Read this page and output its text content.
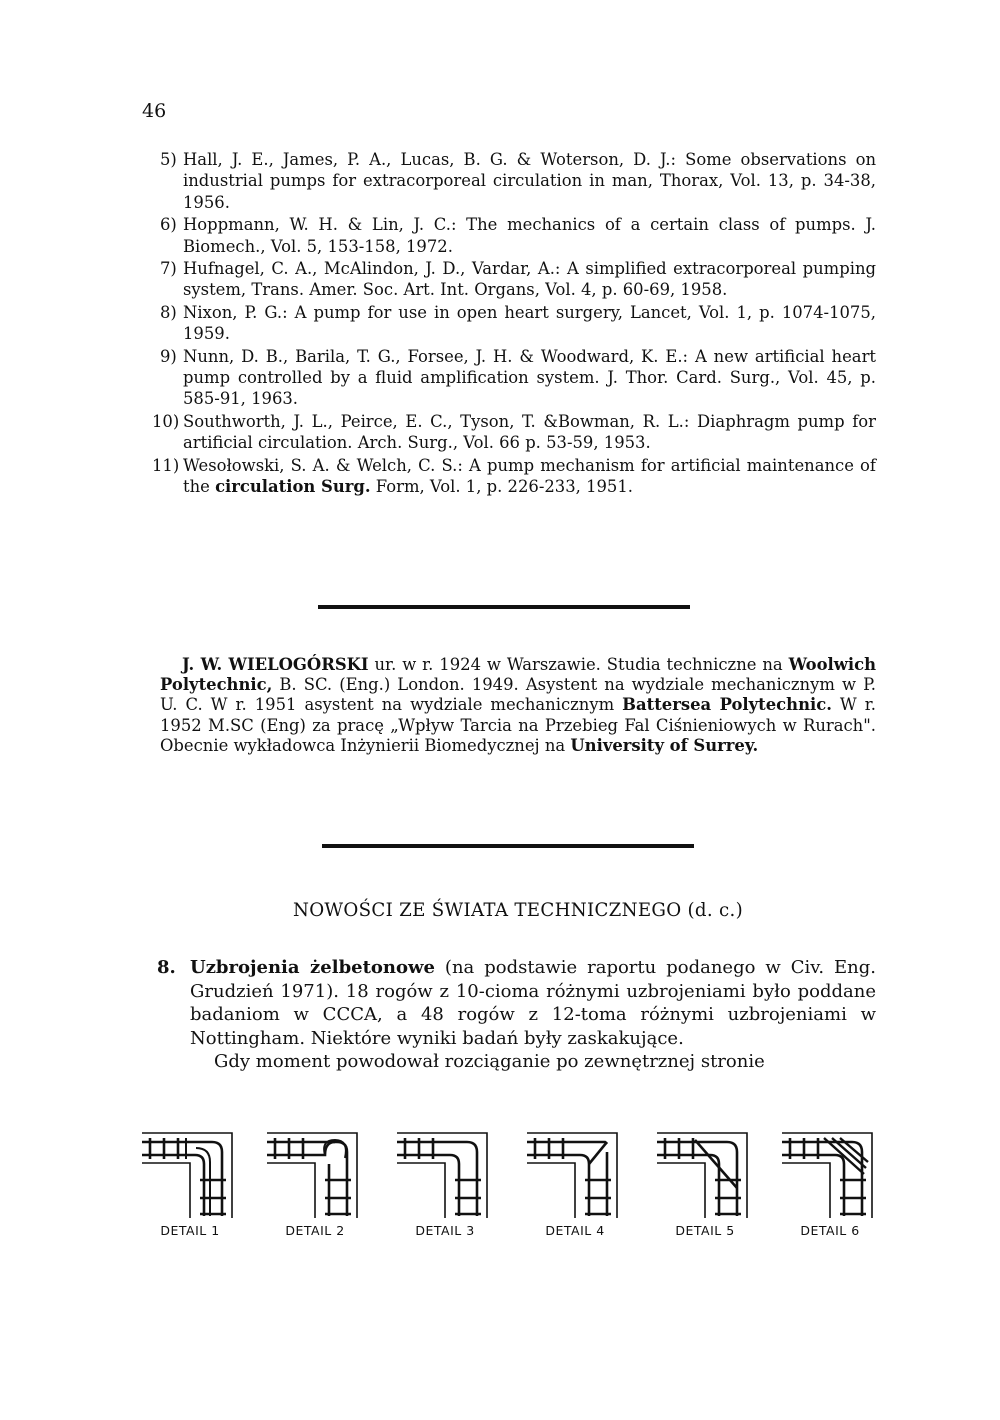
46
5) Hall, J. E., James, P. A., Lucas, B. G. & Woterson, D. J.: Some observations on industrial pumps for extracorporeal circulation in man, Thorax, Vol. 13, p. 34-38, 1956.
6) Hoppmann, W. H. & Lin, J. C.: The mechanics of a certain class of pumps. J. Biomech., Vol. 5, 153-158, 1972.
7) Hufnagel, C. A., McAlindon, J. D., Vardar, A.: A simplified extracorporeal pumping system, Trans. Amer. Soc. Art. Int. Organs, Vol. 4, p. 60-69, 1958.
8) Nixon, P. G.: A pump for use in open heart surgery, Lancet, Vol. 1, p. 1074-1075, 1959.
9) Nunn, D. B., Barila, T. G., Forsee, J. H. & Woodward, K. E.: A new artificial heart pump controlled by a fluid amplification system. J. Thor. Card. Surg., Vol. 45, p. 585-91, 1963.
10) Southworth, J. L., Peirce, E. C., Tyson, T. &Bowman, R. L.: Diaphragm pump for artificial circulation. Arch. Surg., Vol. 66 p. 53-59, 1953.
11) Wesołowski, S. A. & Welch, C. S.: A pump mechanism for artificial maintenance of the circulation Surg. Form, Vol. 1, p. 226-233, 1951.
J. W. WIELOGÓRSKI ur. w r. 1924 w Warszawie. Studia techniczne na Woolwich Polytechnic, B. SC. (Eng.) London. 1949. Asystent na wydziale mechanicznym w P. U. C. W r. 1951 asystent na wydziale mechanicznym Battersea Polytechnic. W r. 1952 M.SC (Eng) za pracę „Wpływ Tarcia na Przebieg Fal Ciśnieniowych w Rurach". Obecnie wykładowca Inżynierii Biomedycznej na University of Surrey.
NOWOŚCI ZE ŚWIATA TECHNICZNEGO (d. c.)
8. Uzbrojenia żelbetonowe (na podstawie raportu podanego w Civ. Eng. Grudzień 1971). 18 rogów z 10-cioma różnymi uzbrojeniami było poddane badaniom w CCCA, a 48 rogów z 12-toma różnymi uzbrojeniami w Nottingham. Niektóre wyniki badań były zaskakujące.
Gdy moment powodował rozciąganie po zewnętrznej stronie
DETAIL 1	DETAIL 2	DETAIL 3	DETAIL 4	DETAIL 5	DETAIL 6
